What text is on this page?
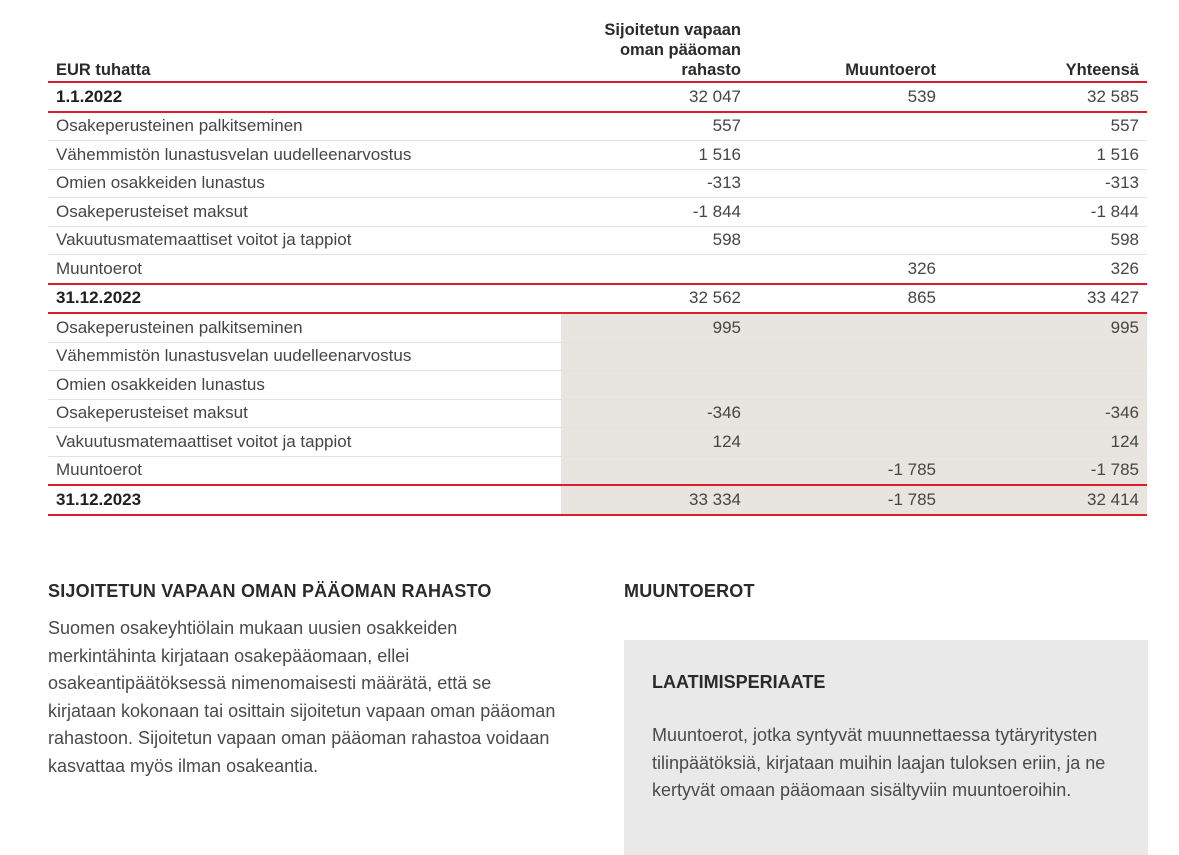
EUR tuhatta	Sijoitetun vapaan oman pääoman rahasto	Muuntoerot	Yhteensä
1.1.2022	32 047	539	32 585
Osakeperusteinen palkitseminen	557		557
Vähemmistön lunastusvelan uudelleenarvostus	1 516		1 516
Omien osakkeiden lunastus	-313		-313
Osakeperusteiset maksut	-1 844		-1 844
Vakuutusmatemaattiset voitot ja tappiot	598		598
Muuntoerot		326	326
31.12.2022	32 562	865	33 427
Osakeperusteinen palkitseminen	995		995
Vähemmistön lunastusvelan uudelleenarvostus			
Omien osakkeiden lunastus			
Osakeperusteiset maksut	-346		-346
Vakuutusmatemaattiset voitot ja tappiot	124		124
Muuntoerot		-1 785	-1 785
31.12.2023	33 334	-1 785	32 414
SIJOITETUN VAPAAN OMAN PÄÄOMAN RAHASTO

Suomen osakeyhtiölain mukaan uusien osakkeiden merkintähinta kirjataan osakepääomaan, ellei osakeantipäätöksessä nimenomaisesti määrätä, että se kirjataan kokonaan tai osittain sijoitetun vapaan oman pääoman rahastoon. Sijoitetun vapaan oman pääoman rahastoa voidaan kasvattaa myös ilman osakeantia.

MUUNTOEROT
LAATIMISPERIAATE

Muuntoerot, jotka syntyvät muunnettaessa tytäryritysten tilinpäätöksiä, kirjataan muihin laajan tuloksen eriin, ja ne kertyvät omaan pääomaan sisältyviin muuntoeroihin.
